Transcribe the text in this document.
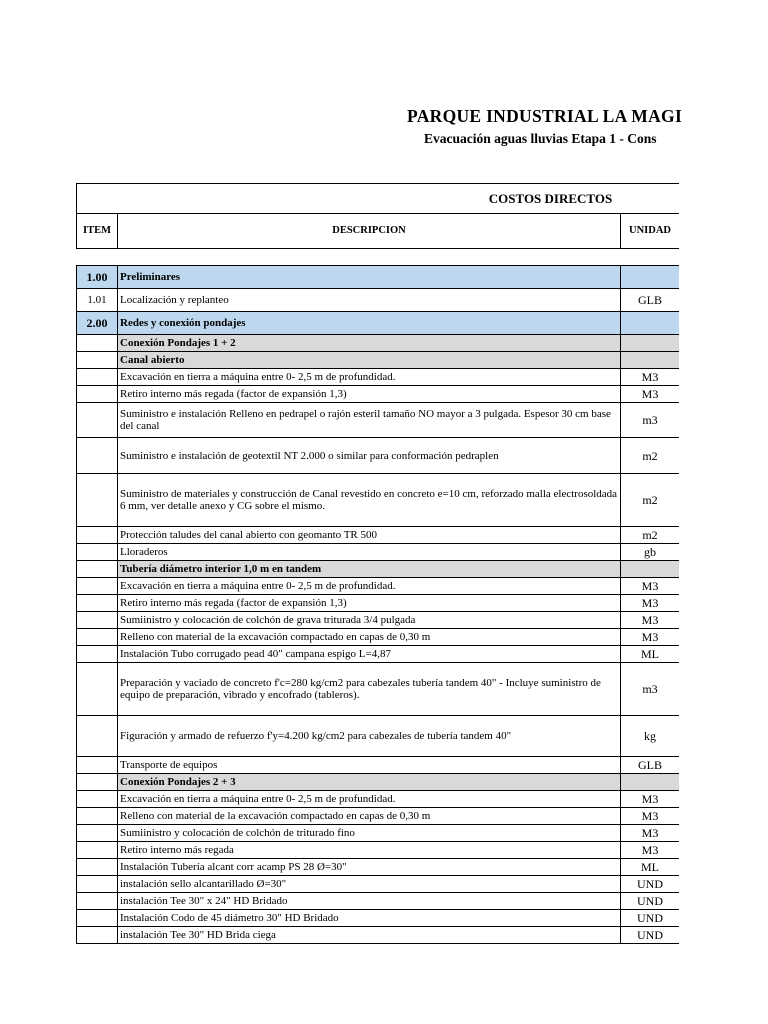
PARQUE INDUSTRIAL LA MAGI
Evacuación aguas lluvias Etapa 1 - Cons
COSTOS DIRECTOS			
ITEM	DESCRIPCION	UNIDAD	

1.00	Preliminares		
1.01	Localización y replanteo	GLB	
2.00	Redes y conexión pondajes		
	Conexión Pondajes 1 + 2		
	Canal abierto		
	Excavación en tierra a máquina entre 0- 2,5 m de profundidad.	M3	
	Retiro interno más regada (factor de expansión 1,3)	M3	
	Suministro e instalación Relleno en pedrapel o rajón esteril tamaño NO mayor a 3 pulgada. Espesor 30 cm base del canal	m3	
	Suministro e instalación de geotextil NT 2.000 o similar para conformación pedraplen	m2	
	Suministro de materiales y construcción de Canal revestido en concreto e=10 cm, reforzado malla electrosoldada 6 mm, ver detalle anexo y CG sobre el mismo.	m2	
	Protección taludes del canal abierto con geomanto TR 500	m2	
	Lloraderos	gb	
	Tubería diámetro interior 1,0 m en tandem		
	Excavación en tierra a máquina entre 0- 2,5 m de profundidad.	M3	
	Retiro interno más regada (factor de expansión 1,3)	M3	
	Sumiinistro y colocación de colchón de grava triturada 3/4 pulgada	M3	
	Relleno con material de la excavación compactado en capas de 0,30 m	M3	
	Instalación Tubo corrugado pead 40" campana espigo L=4,87	ML	
	Preparación y vaciado de concreto f'c=280 kg/cm2 para cabezales tubería tandem 40" - Incluye suministro de equipo de preparación, vibrado y encofrado (tableros).	m3	
	Figuración y armado de refuerzo f'y=4.200 kg/cm2 para cabezales de tubería tandem 40"	kg	
	Transporte de equipos	GLB	
	Conexión Pondajes 2 + 3		
	Excavación en tierra a máquina entre 0- 2,5 m de profundidad.	M3	
	Relleno con material de la excavación compactado en capas de 0,30 m	M3	
	Sumiinistro y colocación de colchón de triturado fino	M3	
	Retiro interno más regada	M3	
	Instalación Tubería alcant corr acamp PS 28 Ø=30"	ML	
	instalación sello alcantarillado Ø=30"	UND	
	instalación Tee 30" x 24" HD Bridado	UND	
	Instalación Codo de 45 diámetro 30" HD Bridado	UND	
	instalación Tee 30" HD Brida ciega	UND	
